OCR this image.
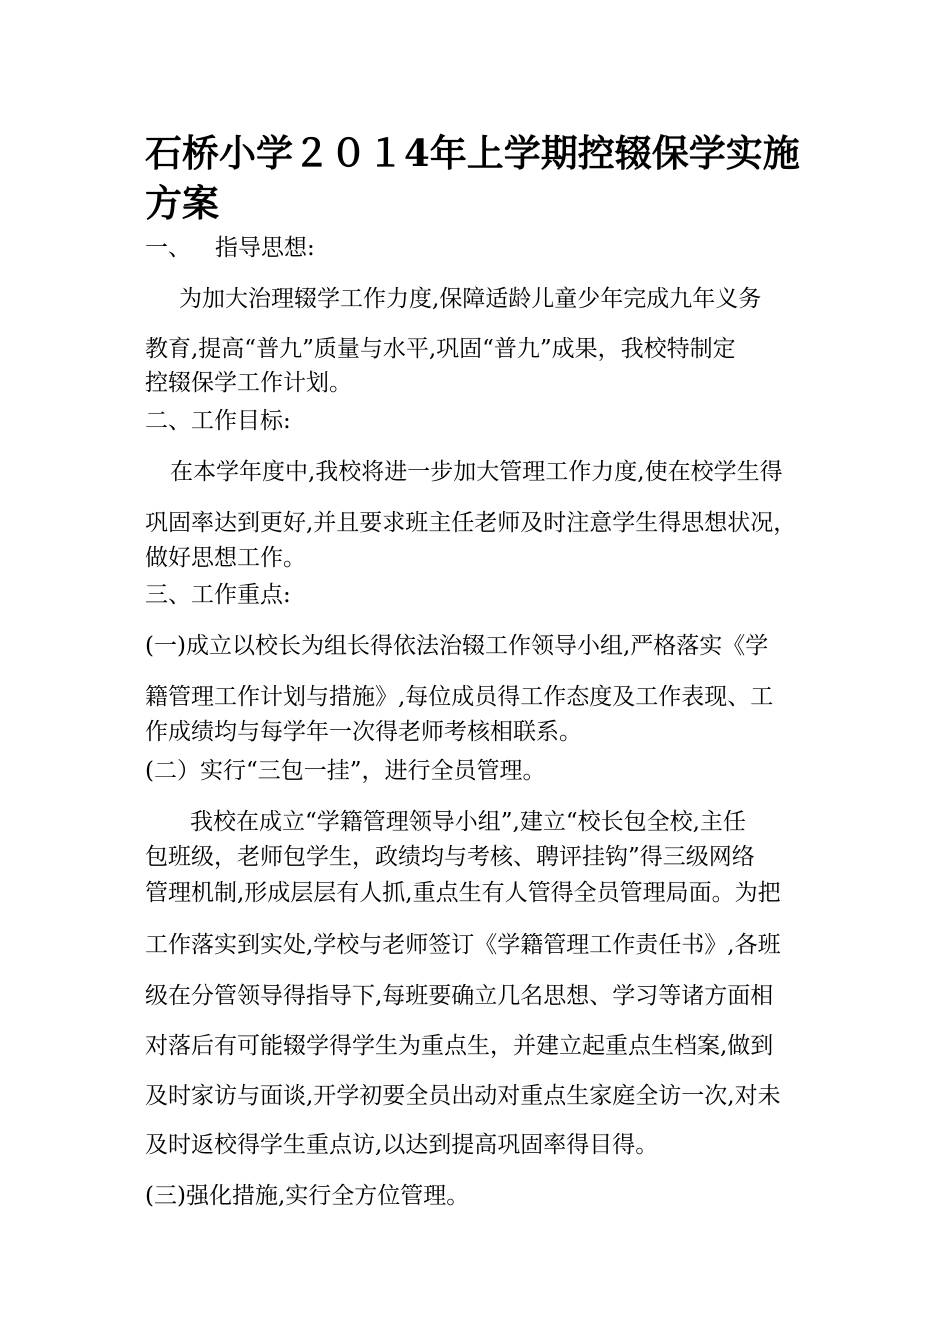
石桥小学２０１4年上学期控辍保学实施方案

一、 指导思想:

为加大治理辍学工作力度,保障适龄儿童少年完成九年义务

教育,提高“普九”质量与水平,巩固“普九”成果，我校特制定

控辍保学工作计划。

二、工作目标:

在本学年度中,我校将进一步加大管理工作力度,使在校学生得

巩固率达到更好,并且要求班主任老师及时注意学生得思想状况，

做好思想工作。

三、工作重点:

(一)成立以校长为组长得依法治辍工作领导小组,严格落实《学

籍管理工作计划与措施》,每位成员得工作态度及工作表现、工

作成绩均与每学年一次得老师考核相联系。

(二）实行“三包一挂”，进行全员管理。

我校在成立“学籍管理领导小组”,建立“校长包全校,主任

包班级，老师包学生，政绩均与考核、聘评挂钩”得三级网络

管理机制,形成层层有人抓,重点生有人管得全员管理局面。为把

工作落实到实处,学校与老师签订《学籍管理工作责任书》,各班

级在分管领导得指导下,每班要确立几名思想、学习等诸方面相

对落后有可能辍学得学生为重点生，并建立起重点生档案,做到

及时家访与面谈,开学初要全员出动对重点生家庭全访一次,对未

及时返校得学生重点访,以达到提高巩固率得目得。

(三)强化措施,实行全方位管理。
